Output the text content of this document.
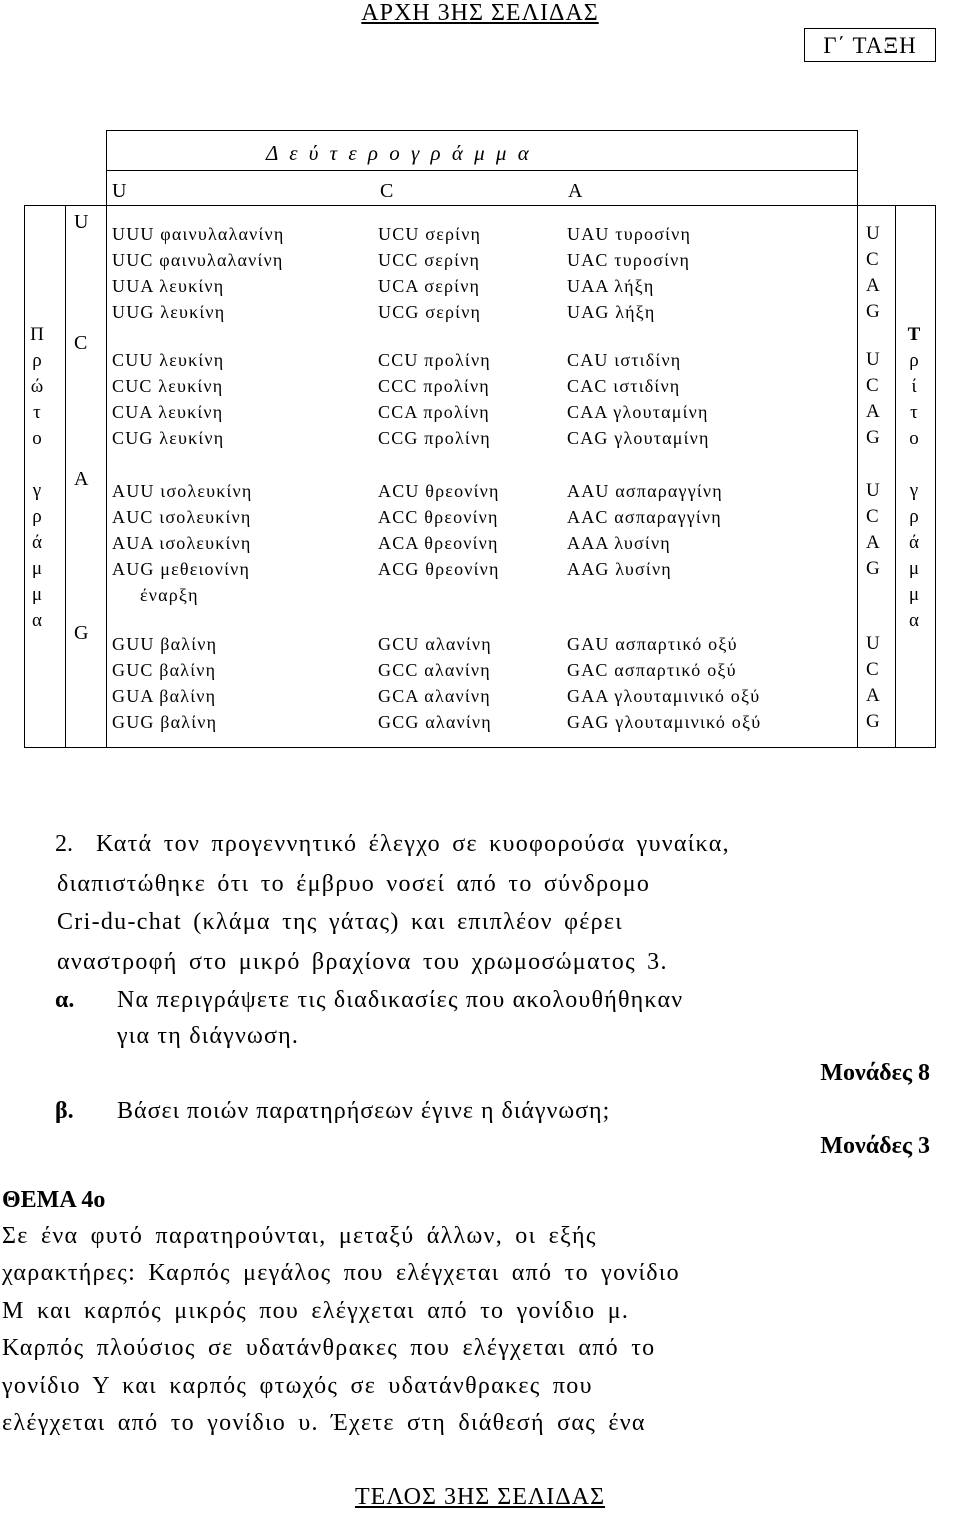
ΑΡΧΗ 3ΗΣ ΣΕΛΙΔΑΣ
Γ΄ ΤΑΞΗ
Δ ε ύ τ ε ρ ο γ ρ ά μ μ α
U	C	A
U
C
A
G
Π
ρ
ώ
τ
ο
γ
ρ
ά
μ
μ
α
Τ
ρ
ί
τ
ο
γ
ρ
ά
μ
μ
α
U
C
A
G
U
C
A
G
U
C
A
G
U
C
A
G
UUU φαινυλαλανίνη
UUC φαινυλαλανίνη
UUA λευκίνη
UUG λευκίνη
UCU σερίνη
UCC σερίνη
UCA σερίνη
UCG σερίνη
UAU τυροσίνη
UAC τυροσίνη
UAA λήξη
UAG λήξη
CUU λευκίνη
CUC λευκίνη
CUA λευκίνη
CUG λευκίνη
CCU προλίνη
CCC προλίνη
CCA προλίνη
CCG προλίνη
CAU ιστιδίνη
CAC ιστιδίνη
CAA γλουταμίνη
CAG γλουταμίνη
AUU ισολευκίνη
AUC ισολευκίνη
AUA ισολευκίνη
AUG μεθειονίνη
ACU θρεονίνη
ACC θρεονίνη
ACA θρεονίνη
ACG θρεονίνη
AAU ασπαραγγίνη
AAC ασπαραγγίνη
AAA λυσίνη
AAG λυσίνη
έναρξη
GUU βαλίνη
GUC βαλίνη
GUA βαλίνη
GUG βαλίνη
GCU αλανίνη
GCC αλανίνη
GCA αλανίνη
GCG αλανίνη
GAU ασπαρτικό οξύ
GAC ασπαρτικό οξύ
GAA γλουταμινικό οξύ
GAG γλουταμινικό οξύ
2. Κατά τον προγεννητικό έλεγχο σε κυοφορούσα γυναίκα,
διαπιστώθηκε ότι το έμβρυο νοσεί από το σύνδρομο
Cri-du-chat (κλάμα της γάτας) και επιπλέον φέρει
αναστροφή στο μικρό βραχίονα του χρωμοσώματος 3.
α. Να περιγράψετε τις διαδικασίες που ακολουθήθηκαν
για τη διάγνωση.
Μονάδες 8
β. Βάσει ποιών παρατηρήσεων έγινε η διάγνωση;
Μονάδες 3
ΘΕΜΑ 4ο
Σε ένα φυτό παρατηρούνται, μεταξύ άλλων, οι εξής
χαρακτήρες: Καρπός μεγάλος που ελέγχεται από το γονίδιο
Μ και καρπός μικρός που ελέγχεται από το γονίδιο μ.
Καρπός πλούσιος σε υδατάνθρακες που ελέγχεται από το
γονίδιο Υ και καρπός φτωχός σε υδατάνθρακες που
ελέγχεται από το γονίδιο υ. Έχετε στη διάθεσή σας ένα
ΤΕΛΟΣ 3ΗΣ ΣΕΛΙΔΑΣ
